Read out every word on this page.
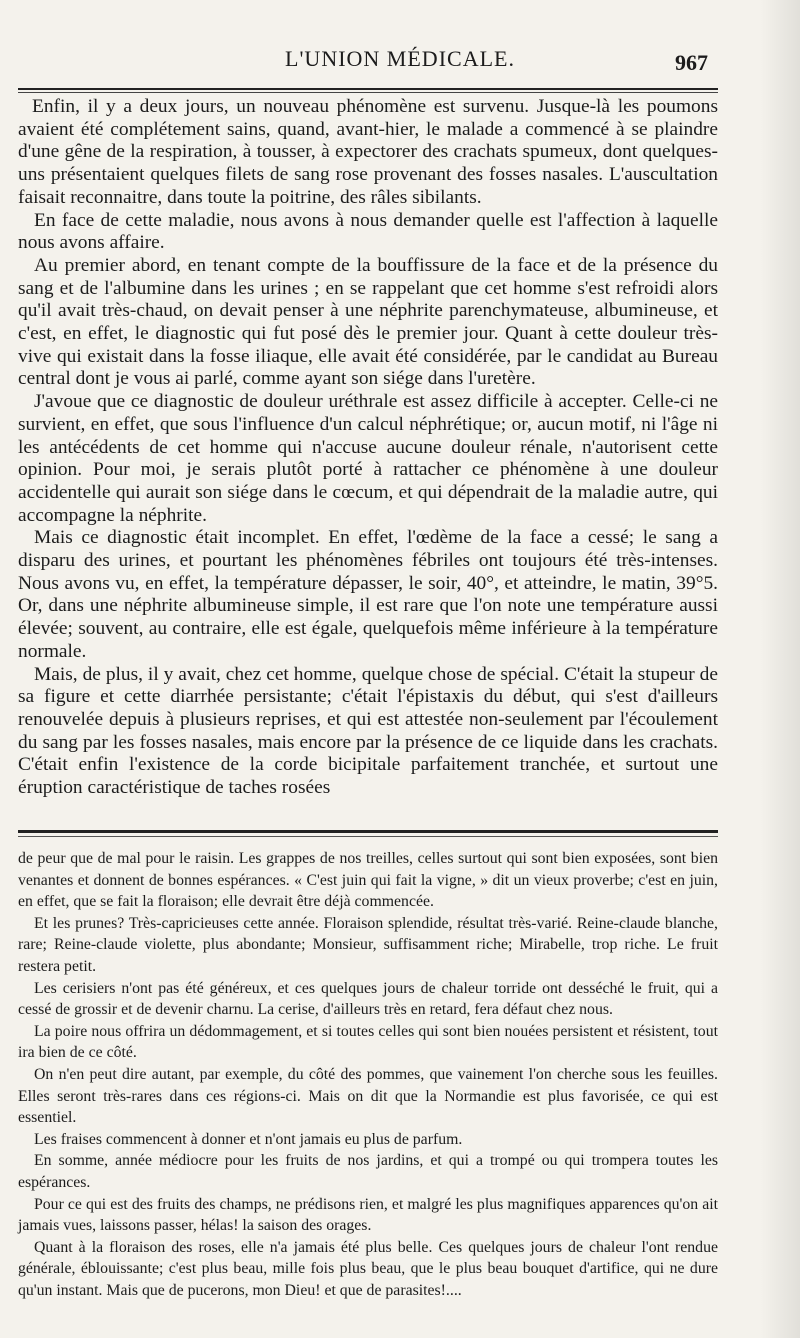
L'UNION MÉDICALE.	967

Enfin, il y a deux jours, un nouveau phénomène est survenu. Jusque-là les poumons avaient été complétement sains, quand, avant-hier, le malade a commencé à se plaindre d'une gêne de la respiration, à tousser, à expectorer des crachats spumeux, dont quelques-uns présentaient quelques filets de sang rose provenant des fosses nasales. L'auscultation faisait reconnaitre, dans toute la poitrine, des râles sibilants.

En face de cette maladie, nous avons à nous demander quelle est l'affection à laquelle nous avons affaire.

Au premier abord, en tenant compte de la bouffissure de la face et de la présence du sang et de l'albumine dans les urines ; en se rappelant que cet homme s'est refroidi alors qu'il avait très-chaud, on devait penser à une néphrite parenchymateuse, albumineuse, et c'est, en effet, le diagnostic qui fut posé dès le premier jour. Quant à cette douleur très-vive qui existait dans la fosse iliaque, elle avait été considérée, par le candidat au Bureau central dont je vous ai parlé, comme ayant son siége dans l'uretère.

J'avoue que ce diagnostic de douleur uréthrale est assez difficile à accepter. Celle-ci ne survient, en effet, que sous l'influence d'un calcul néphrétique; or, aucun motif, ni l'âge ni les antécédents de cet homme qui n'accuse aucune douleur rénale, n'autorisent cette opinion. Pour moi, je serais plutôt porté à rattacher ce phénomène à une douleur accidentelle qui aurait son siége dans le cœcum, et qui dépendrait de la maladie autre, qui accompagne la néphrite.

Mais ce diagnostic était incomplet. En effet, l'œdème de la face a cessé; le sang a disparu des urines, et pourtant les phénomènes fébriles ont toujours été très-intenses. Nous avons vu, en effet, la température dépasser, le soir, 40°, et atteindre, le matin, 39°5. Or, dans une néphrite albumineuse simple, il est rare que l'on note une température aussi élevée; souvent, au contraire, elle est égale, quelquefois même inférieure à la température normale.

Mais, de plus, il y avait, chez cet homme, quelque chose de spécial. C'était la stupeur de sa figure et cette diarrhée persistante; c'était l'épistaxis du début, qui s'est d'ailleurs renouvelée depuis à plusieurs reprises, et qui est attestée non-seulement par l'écoulement du sang par les fosses nasales, mais encore par la présence de ce liquide dans les crachats. C'était enfin l'existence de la corde bicipitale parfaitement tranchée, et surtout une éruption caractéristique de taches rosées

de peur que de mal pour le raisin. Les grappes de nos treilles, celles surtout qui sont bien exposées, sont bien venantes et donnent de bonnes espérances. « C'est juin qui fait la vigne, » dit un vieux proverbe; c'est en juin, en effet, que se fait la floraison; elle devrait être déjà commencée.

Et les prunes? Très-capricieuses cette année. Floraison splendide, résultat très-varié. Reine-claude blanche, rare; Reine-claude violette, plus abondante; Monsieur, suffisamment riche; Mirabelle, trop riche. Le fruit restera petit.

Les cerisiers n'ont pas été généreux, et ces quelques jours de chaleur torride ont desséché le fruit, qui a cessé de grossir et de devenir charnu. La cerise, d'ailleurs très en retard, fera défaut chez nous.

La poire nous offrira un dédommagement, et si toutes celles qui sont bien nouées persistent et résistent, tout ira bien de ce côté.

On n'en peut dire autant, par exemple, du côté des pommes, que vainement l'on cherche sous les feuilles. Elles seront très-rares dans ces régions-ci. Mais on dit que la Normandie est plus favorisée, ce qui est essentiel.

Les fraises commencent à donner et n'ont jamais eu plus de parfum.

En somme, année médiocre pour les fruits de nos jardins, et qui a trompé ou qui trompera toutes les espérances.

Pour ce qui est des fruits des champs, ne prédisons rien, et malgré les plus magnifiques apparences qu'on ait jamais vues, laissons passer, hélas! la saison des orages.

Quant à la floraison des roses, elle n'a jamais été plus belle. Ces quelques jours de chaleur l'ont rendue générale, éblouissante; c'est plus beau, mille fois plus beau, que le plus beau bouquet d'artifice, qui ne dure qu'un instant. Mais que de pucerons, mon Dieu! et que de parasites!....
